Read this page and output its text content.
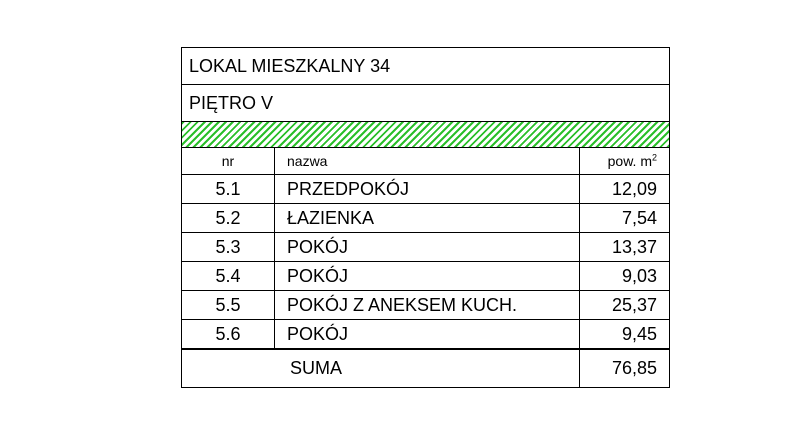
LOKAL MIESZKALNY 34
PIĘTRO V
nr	nazwa	pow. $m^2$
5.1	PRZEDPOKÓJ	12,09
5.2	ŁAZIENKA	7,54
5.3	POKÓJ	13,37
5.4	POKÓJ	9,03
5.5	POKÓJ Z ANEKSEM KUCH.	25,37
5.6	POKÓJ	9,45
SUMA		76,85
